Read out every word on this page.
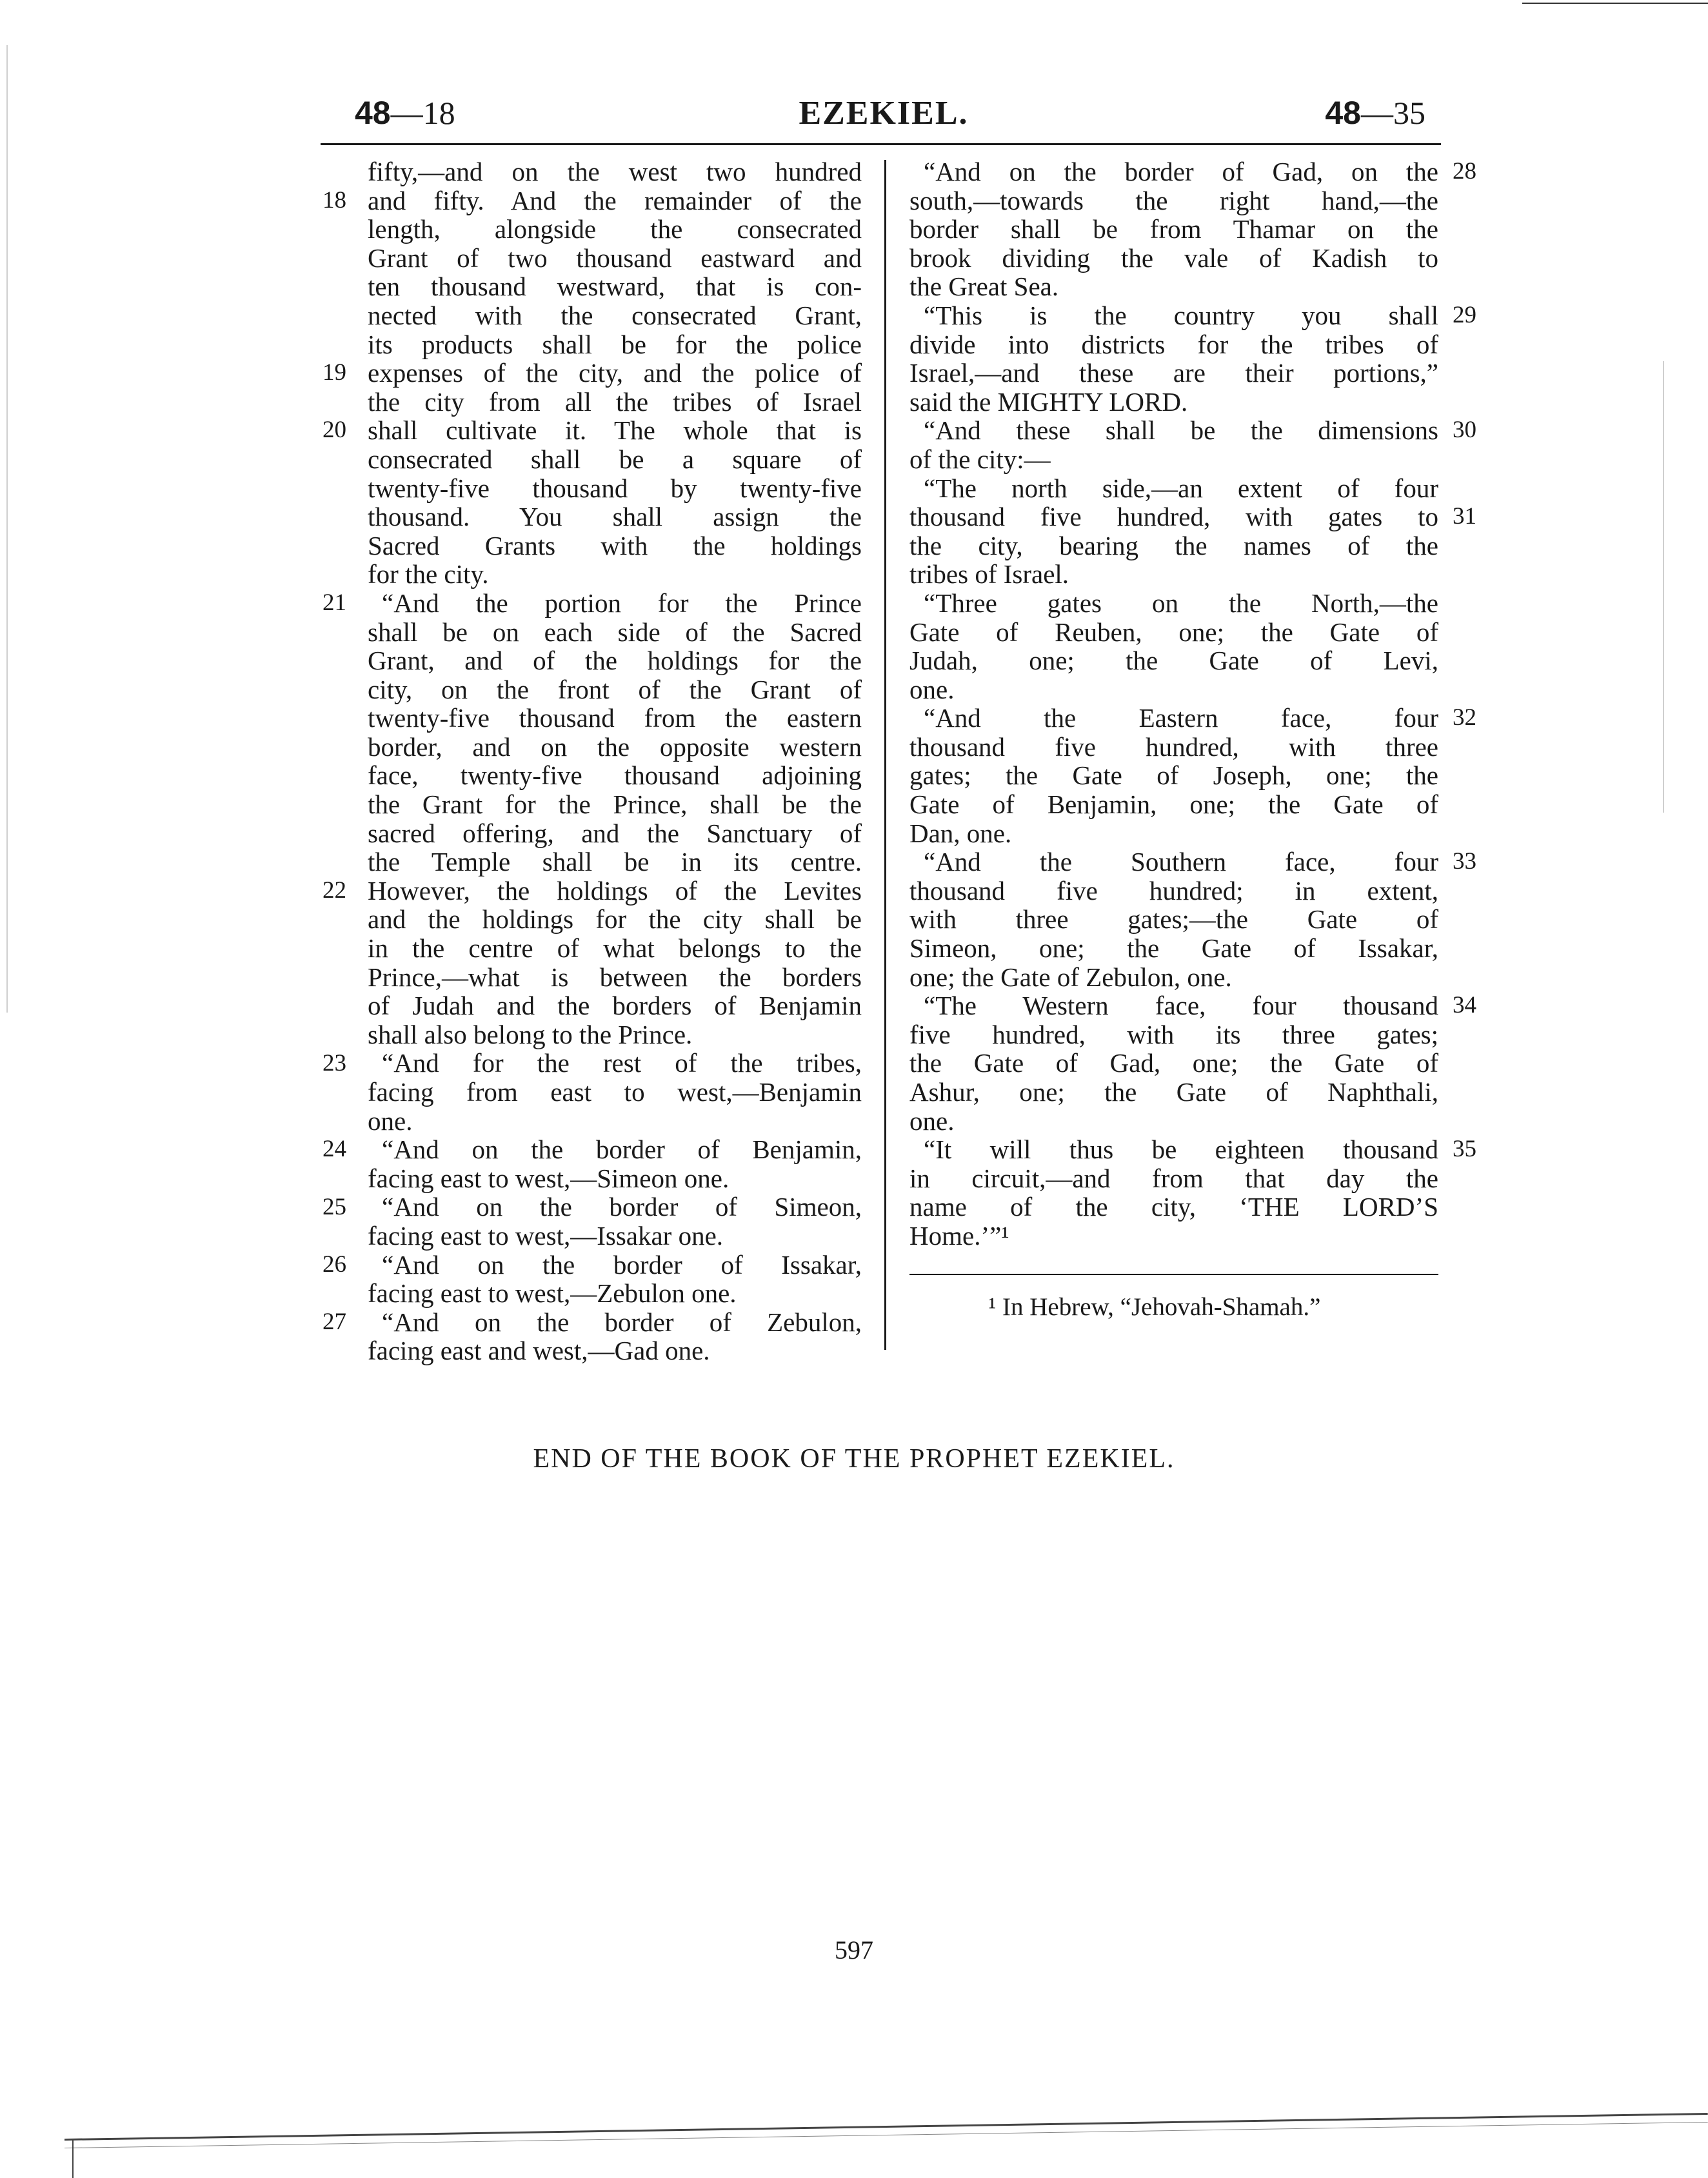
48—18	EZEKIEL.	48—35
fifty,—and on the west two hundred
and fifty. And the remainder of the
length, alongside the consecrated
Grant of two thousand eastward and
ten thousand westward, that is con-
nected with the consecrated Grant,
its products shall be for the police
expenses of the city, and the police of
the city from all the tribes of Israel
shall cultivate it. The whole that is
consecrated shall be a square of
twenty-five thousand by twenty-five
thousand. You shall assign the
Sacred Grants with the holdings
for the city.
“And the portion for the Prince
shall be on each side of the Sacred
Grant, and of the holdings for the
city, on the front of the Grant of
twenty-five thousand from the eastern
border, and on the opposite western
face, twenty-five thousand adjoining
the Grant for the Prince, shall be the
sacred offering, and the Sanctuary of
the Temple shall be in its centre.
However, the holdings of the Levites
and the holdings for the city shall be
in the centre of what belongs to the
Prince,—what is between the borders
of Judah and the borders of Benjamin
shall also belong to the Prince.
“And for the rest of the tribes,
facing from east to west,—Benjamin
one.
“And on the border of Benjamin,
facing east to west,—Simeon one.
“And on the border of Simeon,
facing east to west,—Issakar one.
“And on the border of Issakar,
facing east to west,—Zebulon one.
“And on the border of Zebulon,
facing east and west,—Gad one.
18
19
20
21
22
23
24
25
26
27
“And on the border of Gad, on the
south,—towards the right hand,—the
border shall be from Thamar on the
brook dividing the vale of Kadish to
the Great Sea.
“This is the country you shall
divide into districts for the tribes of
Israel,—and these are their portions,”
said the MIGHTY LORD.
“And these shall be the dimensions
of the city:—
“The north side,—an extent of four
thousand five hundred, with gates to
the city, bearing the names of the
tribes of Israel.
“Three gates on the North,—the
Gate of Reuben, one; the Gate of
Judah, one; the Gate of Levi,
one.
“And the Eastern face, four
thousand five hundred, with three
gates; the Gate of Joseph, one; the
Gate of Benjamin, one; the Gate of
Dan, one.
“And the Southern face, four
thousand five hundred; in extent,
with three gates;—the Gate of
Simeon, one; the Gate of Issakar,
one; the Gate of Zebulon, one.
“The Western face, four thousand
five hundred, with its three gates;
the Gate of Gad, one; the Gate of
Ashur, one; the Gate of Naphthali,
one.
“It will thus be eighteen thousand
in circuit,—and from that day the
name of the city, ‘THE LORD’S
Home.’”¹
28
29
30
31
32
33
34
35
¹ In Hebrew, “Jehovah-Shamah.”
END OF THE BOOK OF THE PROPHET EZEKIEL.
597
